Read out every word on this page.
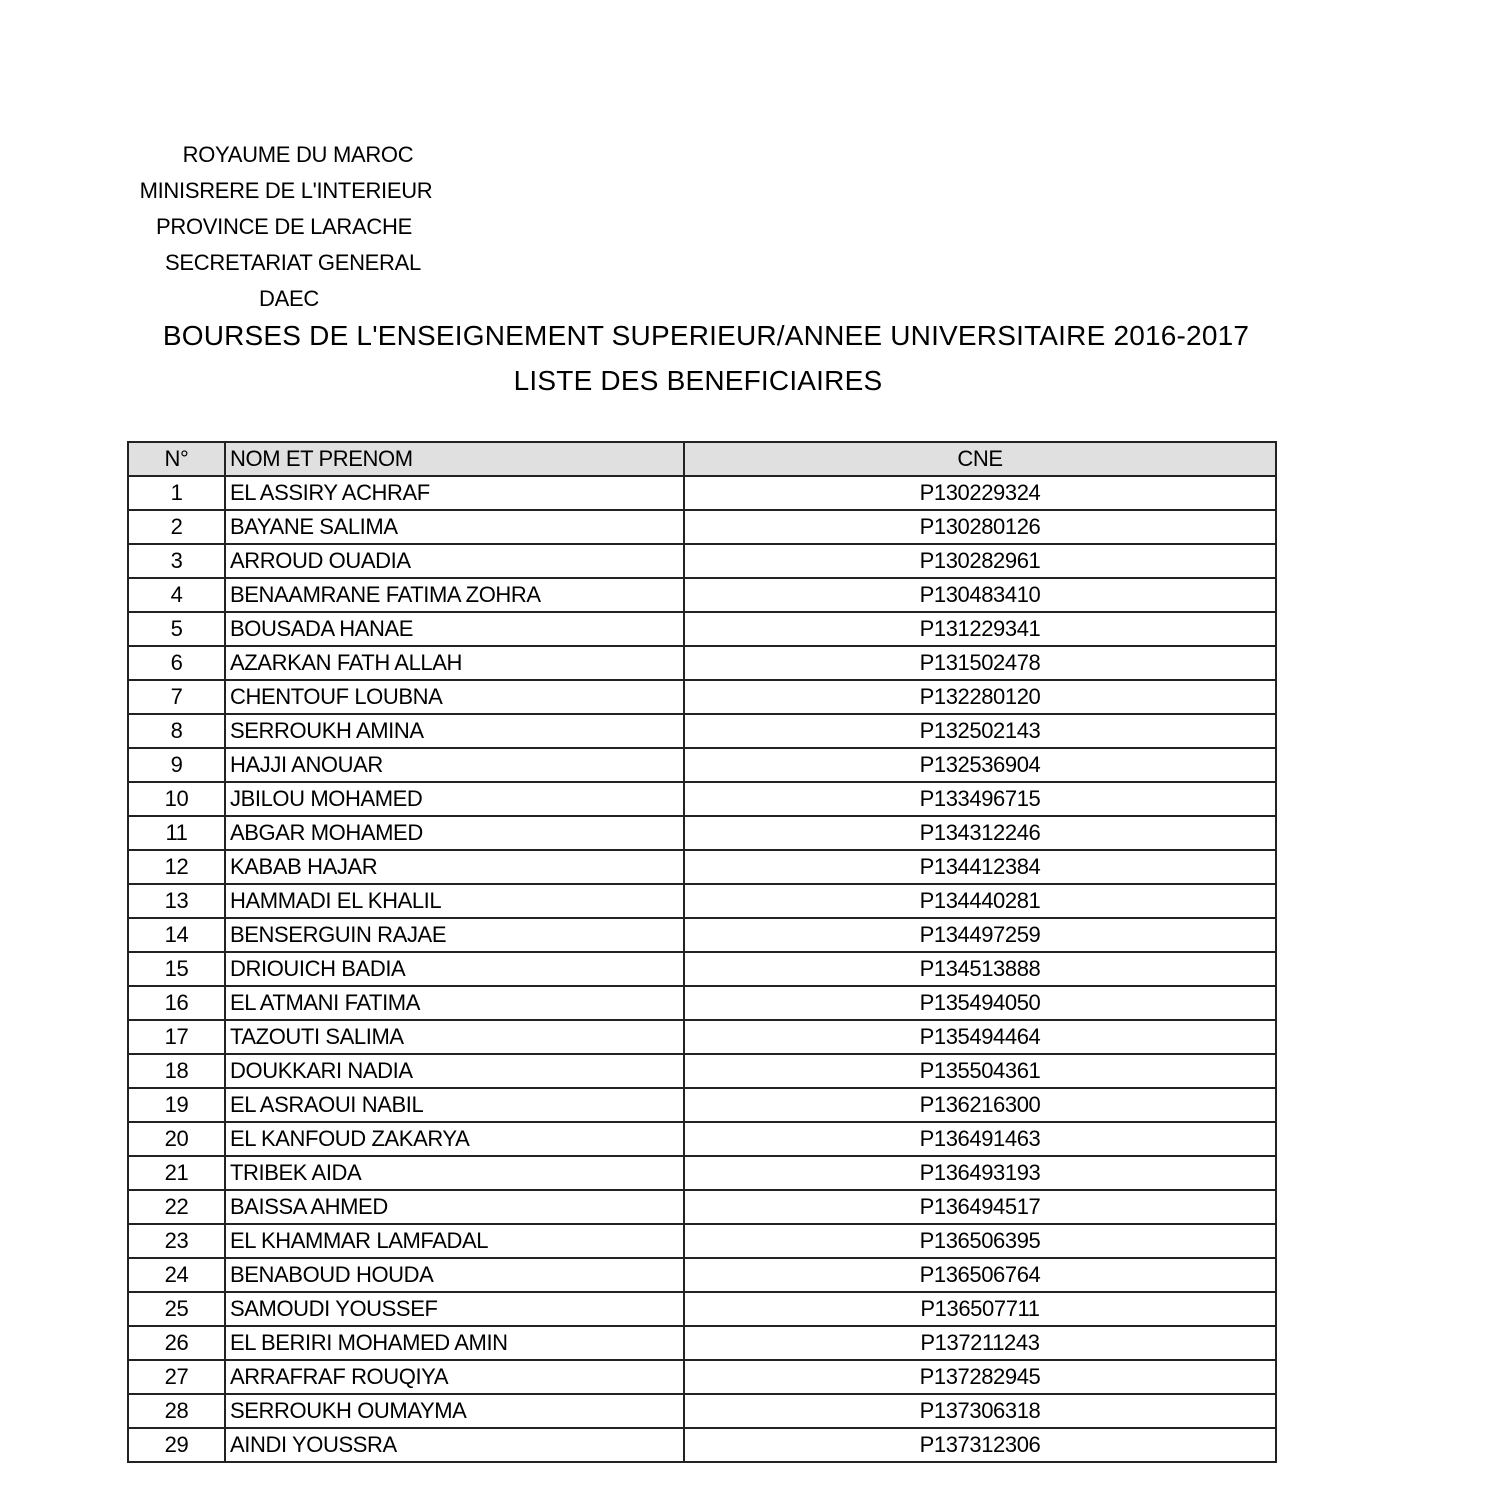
ROYAUME DU MAROC
MINISRERE DE L'INTERIEUR
PROVINCE DE LARACHE
SECRETARIAT GENERAL
DAEC
BOURSES DE L'ENSEIGNEMENT SUPERIEUR/ANNEE UNIVERSITAIRE 2016-2017
LISTE DES BENEFICIAIRES
N°	NOM ET PRENOM	CNE
1	EL ASSIRY ACHRAF	P130229324
2	BAYANE SALIMA	P130280126
3	ARROUD OUADIA	P130282961
4	BENAAMRANE FATIMA ZOHRA	P130483410
5	BOUSADA HANAE	P131229341
6	AZARKAN FATH ALLAH	P131502478
7	CHENTOUF LOUBNA	P132280120
8	SERROUKH AMINA	P132502143
9	HAJJI ANOUAR	P132536904
10	JBILOU MOHAMED	P133496715
11	ABGAR MOHAMED	P134312246
12	KABAB HAJAR	P134412384
13	HAMMADI EL KHALIL	P134440281
14	BENSERGUIN RAJAE	P134497259
15	DRIOUICH BADIA	P134513888
16	EL ATMANI FATIMA	P135494050
17	TAZOUTI SALIMA	P135494464
18	DOUKKARI NADIA	P135504361
19	EL ASRAOUI NABIL	P136216300
20	EL KANFOUD ZAKARYA	P136491463
21	TRIBEK AIDA	P136493193
22	BAISSA AHMED	P136494517
23	EL KHAMMAR LAMFADAL	P136506395
24	BENABOUD HOUDA	P136506764
25	SAMOUDI YOUSSEF	P136507711
26	EL BERIRI MOHAMED AMIN	P137211243
27	ARRAFRAF ROUQIYA	P137282945
28	SERROUKH OUMAYMA	P137306318
29	AINDI YOUSSRA	P137312306
